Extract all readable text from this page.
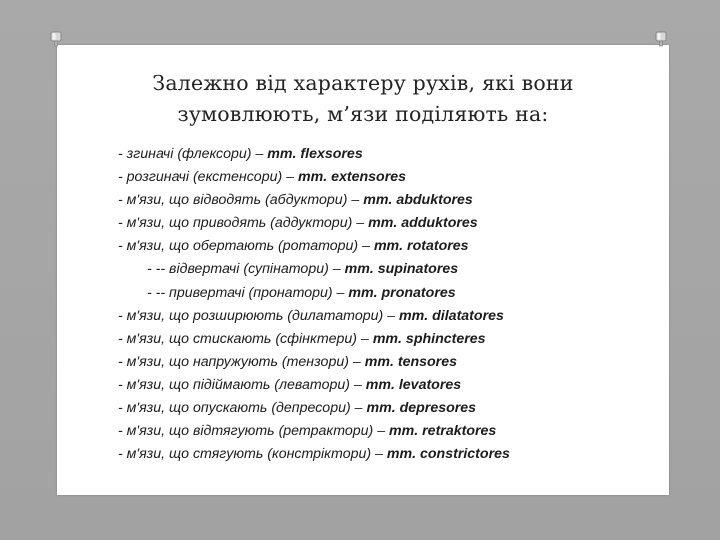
Залежно від характеру рухів, які вони
зумовлюють, м’язи поділяють на:
- згиначі (флексори) – mm. flexsores
- розгиначі (екстенсори) – mm. extensores
- м'язи, що відводять (абдуктори) – mm. abduktores
- м'язи, що приводять (аддуктори) – mm. adduktores
- м'язи, що обертають (ротатори) – mm. rotatores
- -- відвертачі (супінатори) – mm. supinatores
- -- привертачі (пронатори) – mm. pronatores
- м'язи, що розширюють (дилататори) – mm. dilatatores
- м'язи, що стискають (сфінктери) – mm. sphincteres
- м'язи, що напружують (тензори) – mm. tensores
- м'язи, що підіймають (леватори) – mm. levatores
- м'язи, що опускають (депресори) – mm. depresores
- м'язи, що відтягують (ретрактори) – mm. retraktores
- м'язи, що стягують (констріктори) – mm. constrictores
